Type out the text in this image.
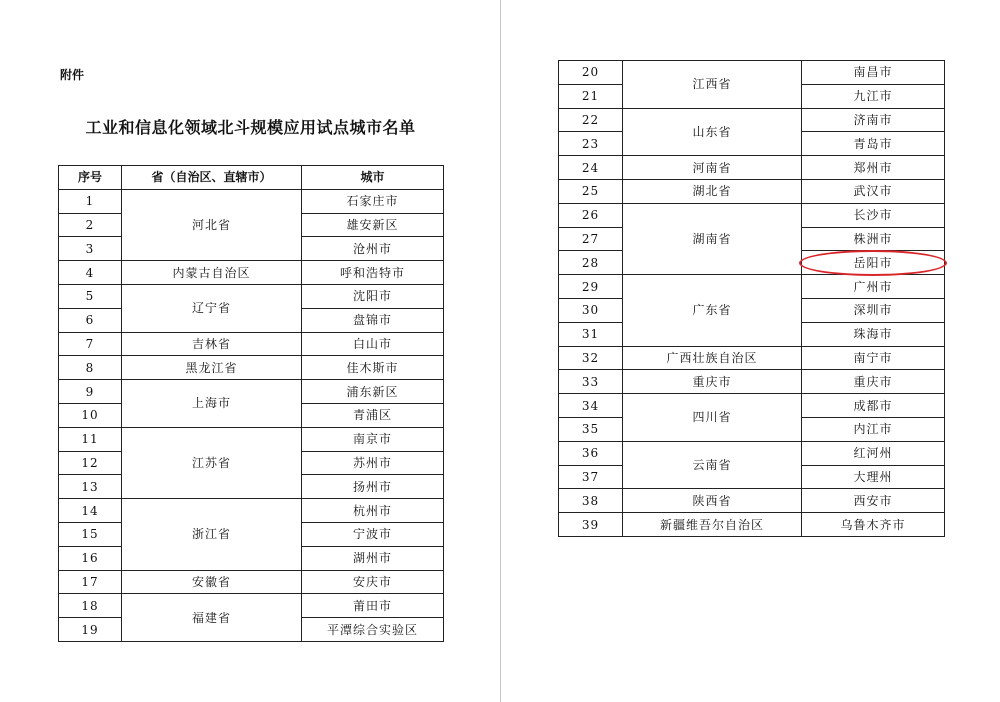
附件
工业和信息化领域北斗规模应用试点城市名单
序号	省（自治区、直辖市）	城市
1	河北省	石家庄市
2		雄安新区
3		沧州市
4	内蒙古自治区	呼和浩特市
5	辽宁省	沈阳市
6		盘锦市
7	吉林省	白山市
8	黑龙江省	佳木斯市
9	上海市	浦东新区
10		青浦区
11	江苏省	南京市
12		苏州市
13		扬州市
14	浙江省	杭州市
15		宁波市
16		湖州市
17	安徽省	安庆市
18	福建省	莆田市
19		平潭综合实验区
20	江西省	南昌市
21		九江市
22	山东省	济南市
23		青岛市
24	河南省	郑州市
25	湖北省	武汉市
26	湖南省	长沙市
27		株洲市
28		岳阳市
29	广东省	广州市
30		深圳市
31		珠海市
32	广西壮族自治区	南宁市
33	重庆市	重庆市
34	四川省	成都市
35		内江市
36	云南省	红河州
37		大理州
38	陕西省	西安市
39	新疆维吾尔自治区	乌鲁木齐市
